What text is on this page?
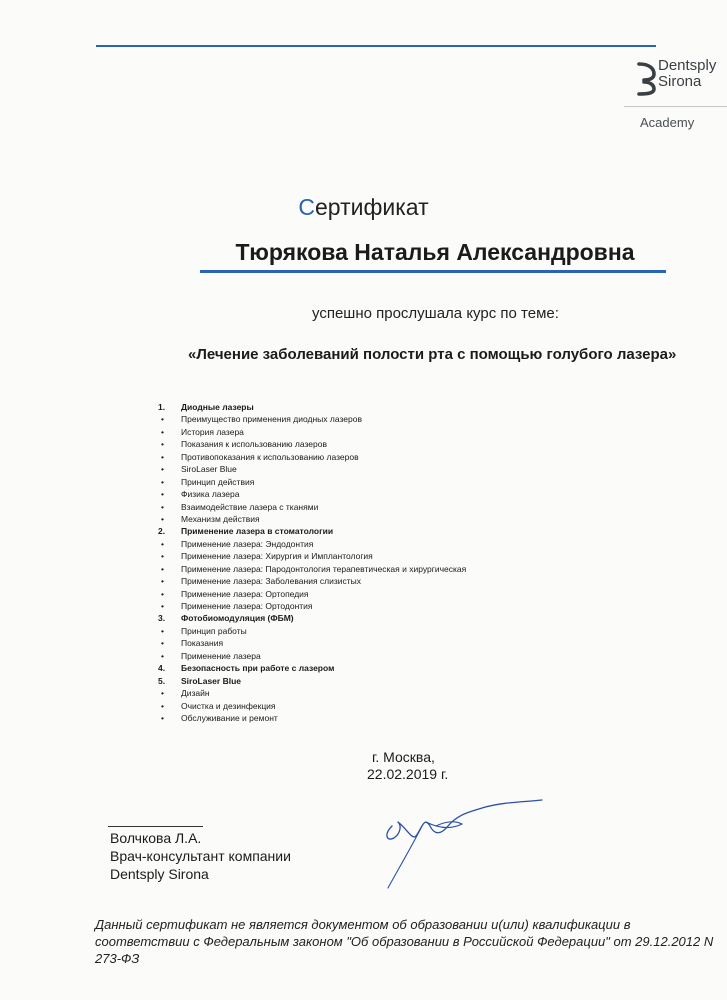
Dentsply
Sirona
Academy
Сертификат
Тюрякова Наталья Александровна
успешно прослушала курс по теме:
«Лечение заболеваний полости рта с помощью голубого лазера»
1.	Диодные лазеры
•	Преимущество применения диодных лазеров
•	История лазера
•	Показания к использованию лазеров
•	Противопоказания к использованию лазеров
•	SiroLaser Blue
•	Принцип действия
•	Физика лазера
•	Взаимодействие лазера с тканями
•	Механизм действия
2.	Применение лазера в стоматологии
•	Применение лазера: Эндодонтия
•	Применение лазера: Хирургия и Имплантология
•	Применение лазера: Пародонтология терапевтическая и хирургическая
•	Применение лазера: Заболевания слизистых
•	Применение лазера: Ортопедия
•	Применение лазера: Ортодонтия
3.	Фотобиомодуляция (ФБМ)
•	Принцип работы
•	Показания
•	Применение лазера
4.	Безопасность при работе с лазером
5.	SiroLaser Blue
•	Дизайн
•	Очистка и дезинфекция
•	Обслуживание и ремонт
г. Москва,
22.02.2019 г.
Волчкова Л.А.
Врач-консультант компании
Dentsply Sirona
Данный сертификат не является документом об образовании и(или) квалификации в соответствии с Федеральным законом "Об образовании в Российской Федерации" от 29.12.2012 N 273-ФЗ
